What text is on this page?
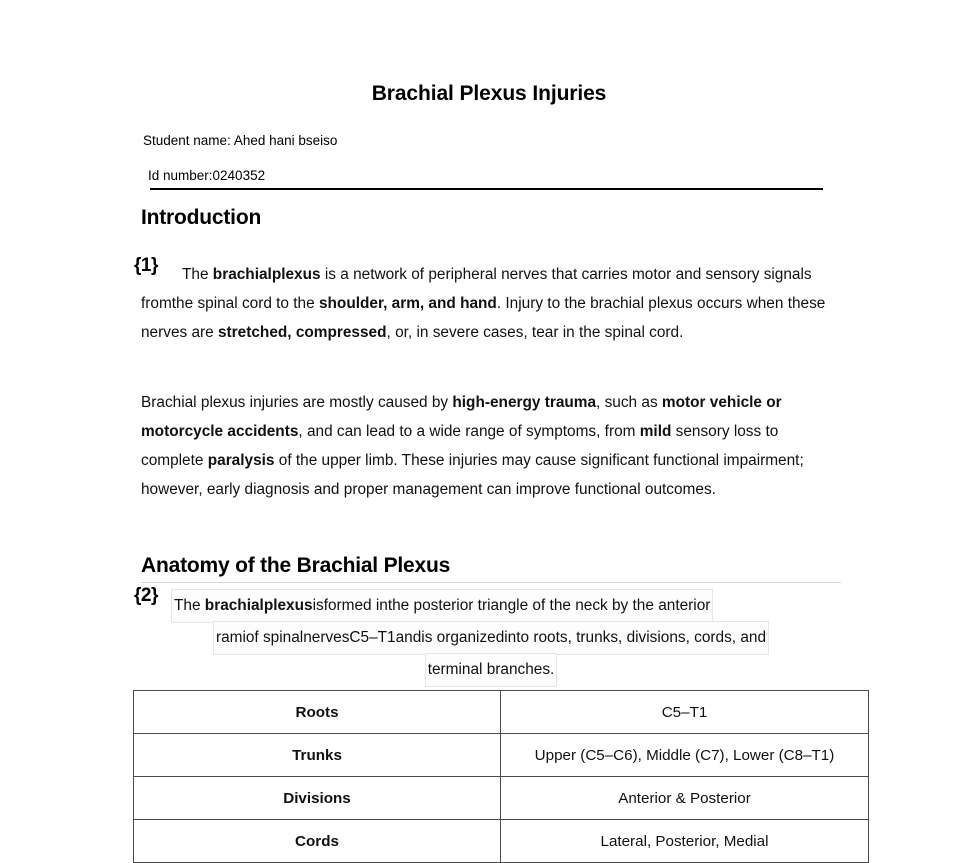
Brachial Plexus Injuries
Student name: Ahed hani bseiso
Id number:0240352
Introduction
{1}	The brachialplexus is a network of peripheral nerves that carries motor and sensory signals fromthe spinal cord to the shoulder, arm, and hand. Injury to the brachial plexus occurs when these nerves are stretched, compressed, or, in severe cases, tear in the spinal cord.
Brachial plexus injuries are mostly caused by high-energy trauma, such as motor vehicle or motorcycle accidents, and can lead to a wide range of symptoms, from mild sensory loss to complete paralysis of the upper limb. These injuries may cause significant functional impairment; however, early diagnosis and proper management can improve functional outcomes.
Anatomy of the Brachial Plexus
{2}	The brachialplexusisformed inthe posterior triangle of the neck by the anterior
ramiof spinalnervesC5–T1andis organizedinto roots, trunks, divisions, cords, and
terminal branches.
Roots	C5–T1
Trunks	Upper (C5–C6), Middle (C7), Lower (C8–T1)
Divisions	Anterior & Posterior
Cords	Lateral, Posterior, Medial
